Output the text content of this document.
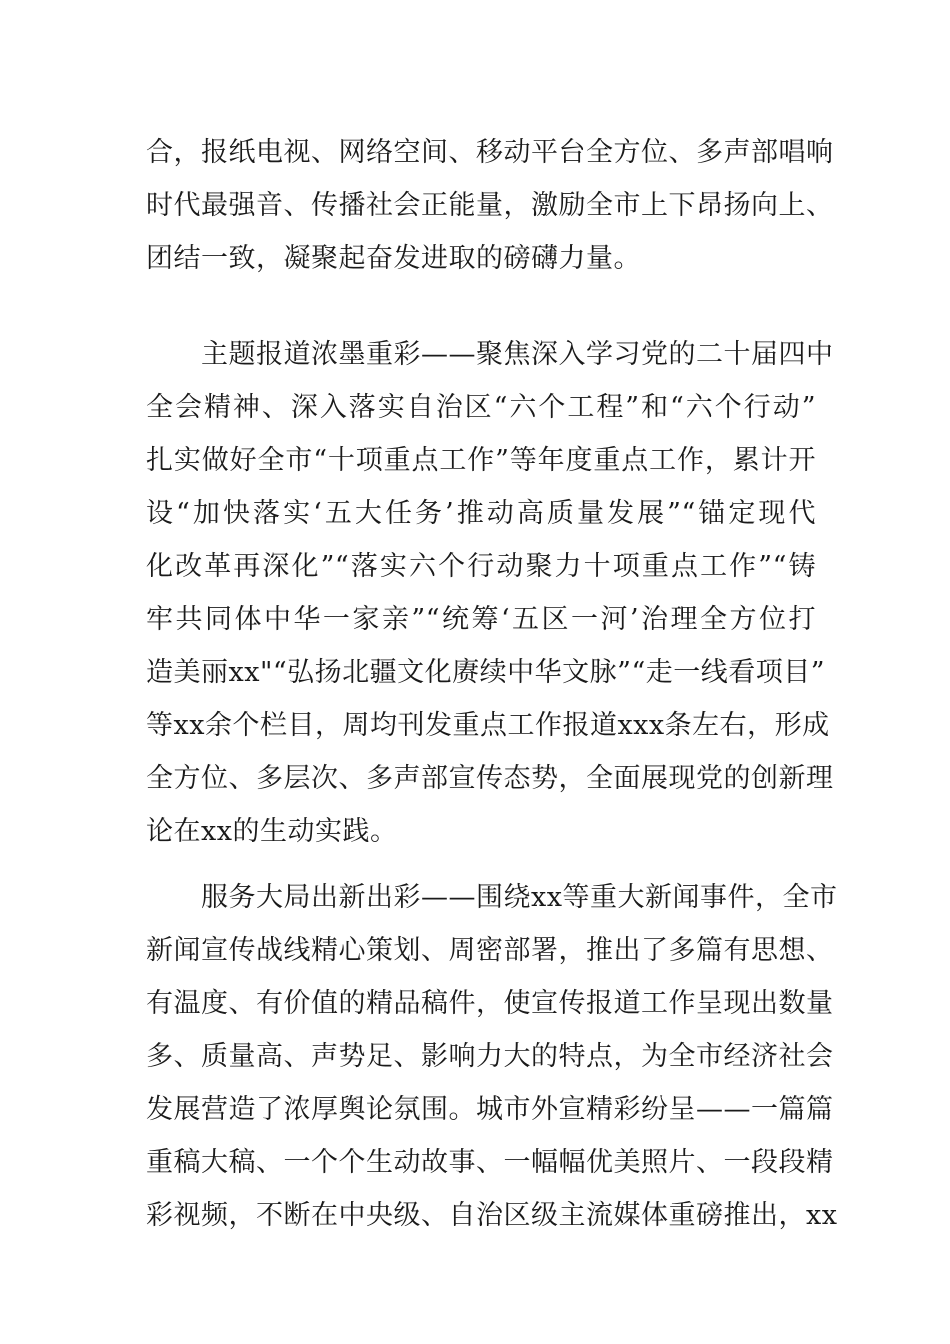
合，报纸电视、网络空间、移动平台全方位、多声部唱响
时代最强音、传播社会正能量，激励全市上下昂扬向上、
团结一致，凝聚起奋发进取的磅礴力量。
　　主题报道浓墨重彩——聚焦深入学习党的二十届四中
全会精神、深入落实自治区“六个工程”和“六个行动”
扎实做好全市“十项重点工作”等年度重点工作，累计开
设“加快落实‘五大任务’推动高质量发展”“锚定现代
化改革再深化”“落实六个行动聚力十项重点工作”“铸
牢共同体中华一家亲”“统筹‘五区一河’治理全方位打
造美丽xx"“弘扬北疆文化赓续中华文脉”“走一线看项目”
等xx余个栏目，周均刊发重点工作报道xxx条左右，形成
全方位、多层次、多声部宣传态势，全面展现党的创新理
论在xx的生动实践。
　　服务大局出新出彩——围绕xx等重大新闻事件，全市
新闻宣传战线精心策划、周密部署，推出了多篇有思想、
有温度、有价值的精品稿件，使宣传报道工作呈现出数量
多、质量高、声势足、影响力大的特点，为全市经济社会
发展营造了浓厚舆论氛围。城市外宣精彩纷呈——一篇篇
重稿大稿、一个个生动故事、一幅幅优美照片、一段段精
彩视频，不断在中央级、自治区级主流媒体重磅推出，xx
